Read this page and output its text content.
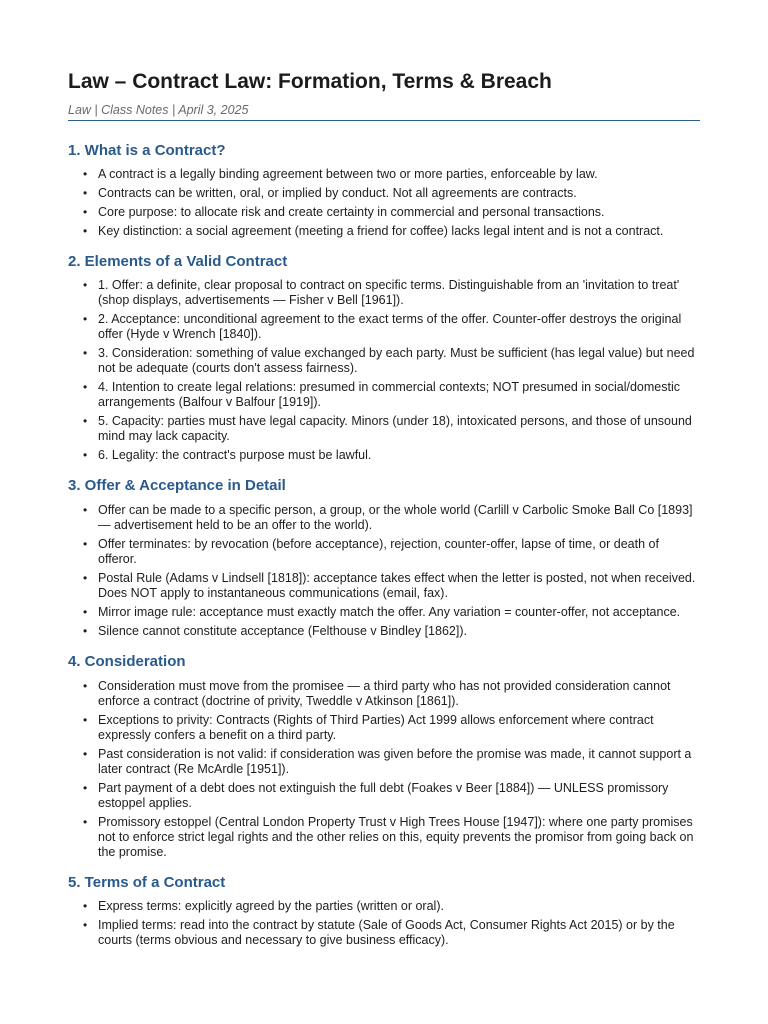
Law – Contract Law: Formation, Terms & Breach
Law | Class Notes | April 3, 2025
1. What is a Contract?
• A contract is a legally binding agreement between two or more parties, enforceable by law.
• Contracts can be written, oral, or implied by conduct. Not all agreements are contracts.
• Core purpose: to allocate risk and create certainty in commercial and personal transactions.
• Key distinction: a social agreement (meeting a friend for coffee) lacks legal intent and is not a contract.
2. Elements of a Valid Contract
• 1. Offer: a definite, clear proposal to contract on specific terms. Distinguishable from an 'invitation to treat' (shop displays, advertisements — Fisher v Bell [1961]).
• 2. Acceptance: unconditional agreement to the exact terms of the offer. Counter-offer destroys the original offer (Hyde v Wrench [1840]).
• 3. Consideration: something of value exchanged by each party. Must be sufficient (has legal value) but need not be adequate (courts don't assess fairness).
• 4. Intention to create legal relations: presumed in commercial contexts; NOT presumed in social/domestic arrangements (Balfour v Balfour [1919]).
• 5. Capacity: parties must have legal capacity. Minors (under 18), intoxicated persons, and those of unsound mind may lack capacity.
• 6. Legality: the contract's purpose must be lawful.
3. Offer & Acceptance in Detail
• Offer can be made to a specific person, a group, or the whole world (Carlill v Carbolic Smoke Ball Co [1893] — advertisement held to be an offer to the world).
• Offer terminates: by revocation (before acceptance), rejection, counter-offer, lapse of time, or death of offeror.
• Postal Rule (Adams v Lindsell [1818]): acceptance takes effect when the letter is posted, not when received. Does NOT apply to instantaneous communications (email, fax).
• Mirror image rule: acceptance must exactly match the offer. Any variation = counter-offer, not acceptance.
• Silence cannot constitute acceptance (Felthouse v Bindley [1862]).
4. Consideration
• Consideration must move from the promisee — a third party who has not provided consideration cannot enforce a contract (doctrine of privity, Tweddle v Atkinson [1861]).
• Exceptions to privity: Contracts (Rights of Third Parties) Act 1999 allows enforcement where contract expressly confers a benefit on a third party.
• Past consideration is not valid: if consideration was given before the promise was made, it cannot support a later contract (Re McArdle [1951]).
• Part payment of a debt does not extinguish the full debt (Foakes v Beer [1884]) — UNLESS promissory estoppel applies.
• Promissory estoppel (Central London Property Trust v High Trees House [1947]): where one party promises not to enforce strict legal rights and the other relies on this, equity prevents the promisor from going back on the promise.
5. Terms of a Contract
• Express terms: explicitly agreed by the parties (written or oral).
• Implied terms: read into the contract by statute (Sale of Goods Act, Consumer Rights Act 2015) or by the courts (terms obvious and necessary to give business efficacy).
